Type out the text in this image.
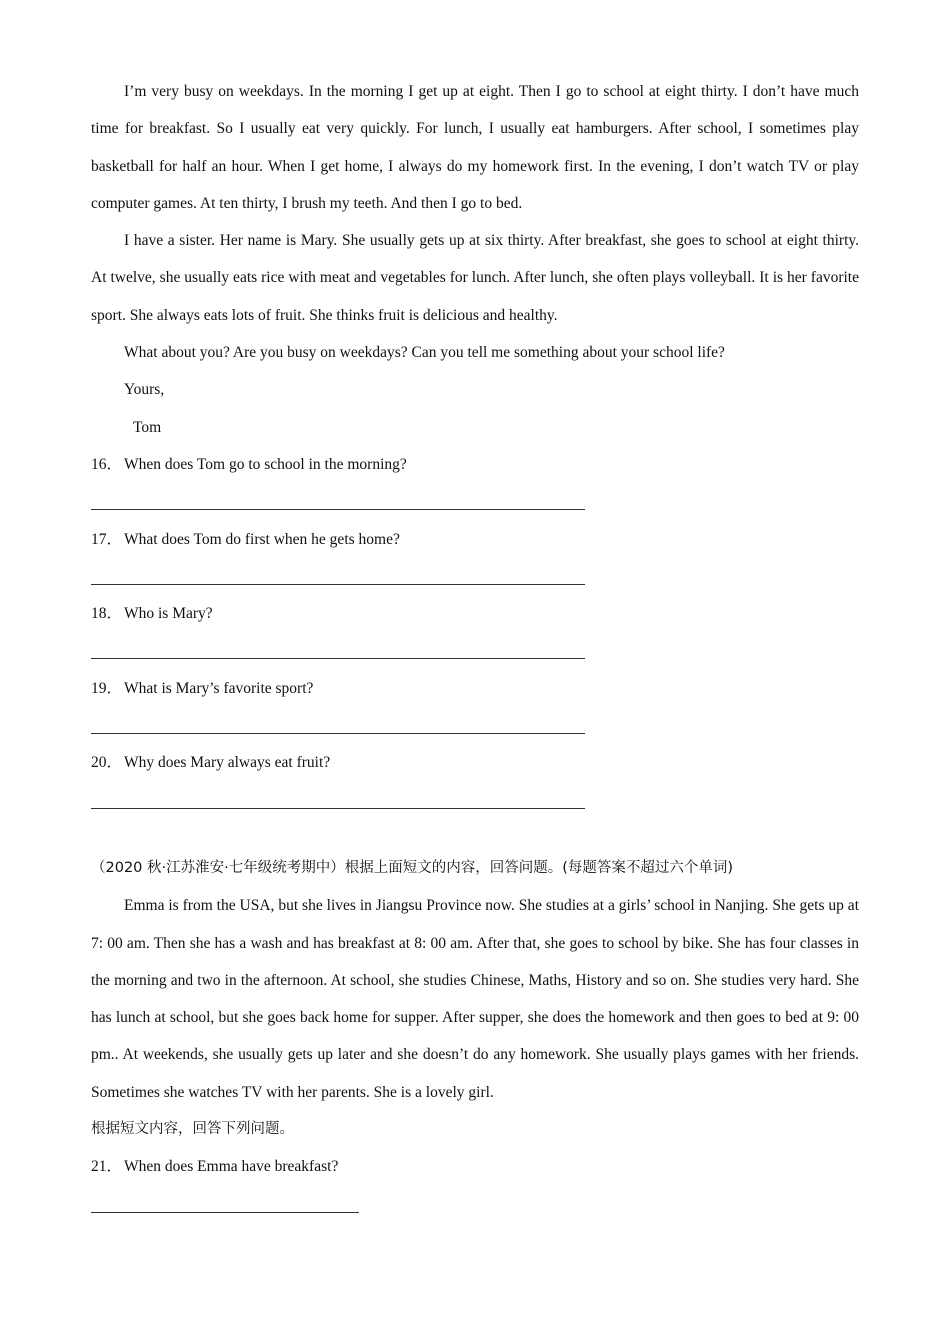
I’m very busy on weekdays. In the morning I get up at eight. Then I go to school at eight thirty. I don’t have much time for breakfast. So I usually eat very quickly. For lunch, I usually eat hamburgers. After school, I sometimes play basketball for half an hour. When I get home, I always do my homework first. In the evening, I don’t watch TV or play computer games. At ten thirty, I brush my teeth. And then I go to bed.

I have a sister. Her name is Mary. She usually gets up at six thirty. After breakfast, she goes to school at eight thirty. At twelve, she usually eats rice with meat and vegetables for lunch. After lunch, she often plays volleyball. It is her favorite sport. She always eats lots of fruit. She thinks fruit is delicious and healthy.

What about you? Are you busy on weekdays? Can you tell me something about your school life?

Yours,

Tom

16． When does Tom go to school in the morning?

17． What does Tom do first when he gets home?

18． Who is Mary?

19． What is Mary’s favorite sport?

20． Why does Mary always eat fruit?

（2020 秋·江苏淮安·七年级统考期中）根据上面短文的内容，回答问题。(每题答案不超过六个单词)

Emma is from the USA, but she lives in Jiangsu Province now. She studies at a girls’ school in Nanjing. She gets up at 7: 00 am. Then she has a wash and has breakfast at 8: 00 am. After that, she goes to school by bike. She has four classes in the morning and two in the afternoon. At school, she studies Chinese, Maths, History and so on. She studies very hard. She has lunch at school, but she goes back home for supper. After supper, she does the homework and then goes to bed at 9: 00 pm.. At weekends, she usually gets up later and she doesn’t do any homework. She usually plays games with her friends. Sometimes she watches TV with her parents. She is a lovely girl.

根据短文内容，回答下列问题。

21． When does Emma have breakfast?
